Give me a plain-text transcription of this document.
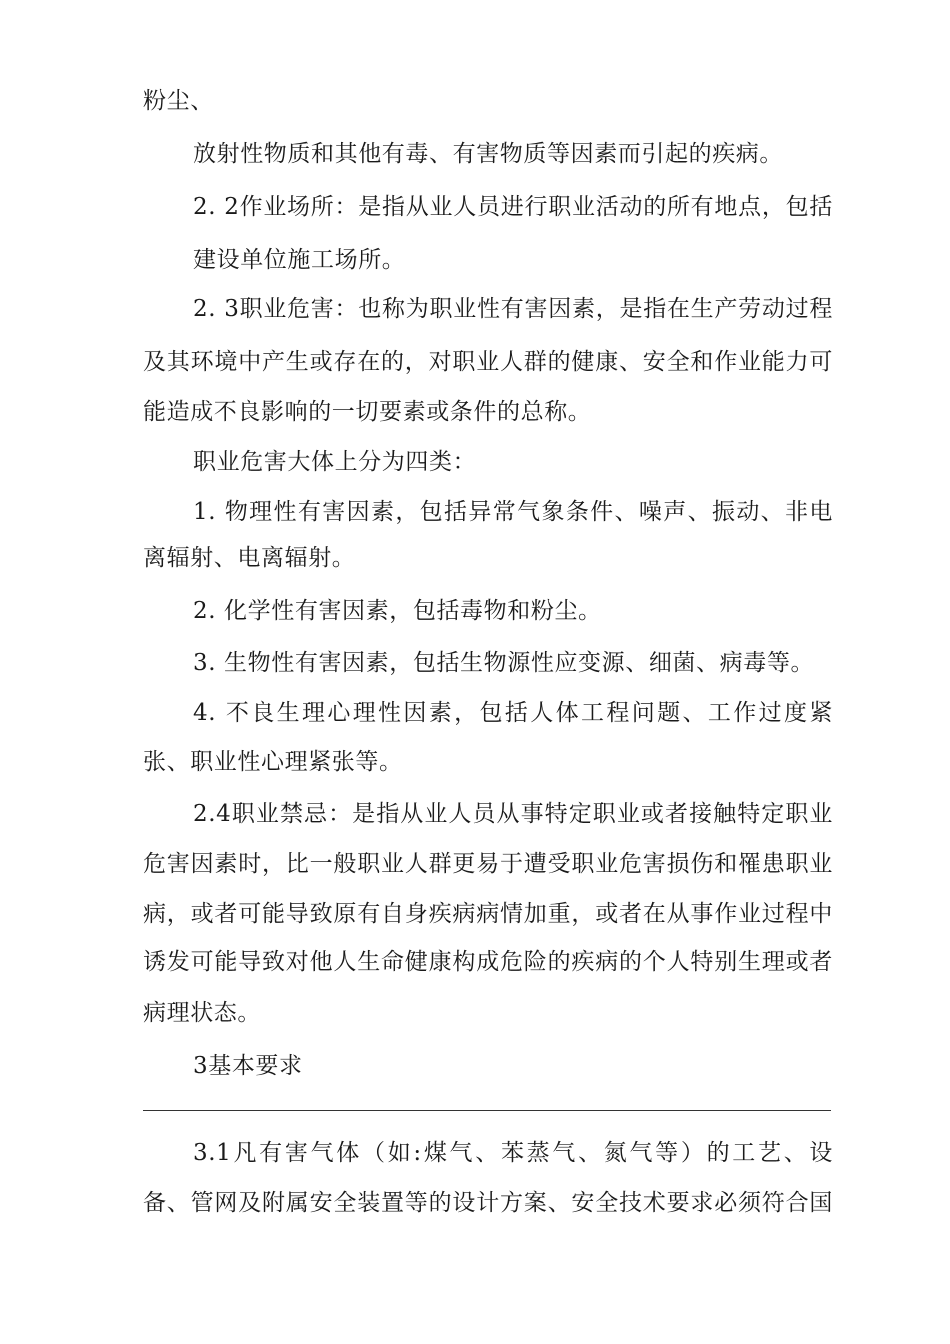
粉尘、
放射性物质和其他有毒、有害物质等因素而引起的疾病。
2. 2作业场所：是指从业人员进行职业活动的所有地点，包括
建设单位施工场所。
2. 3职业危害：也称为职业性有害因素，是指在生产劳动过程
及其环境中产生或存在的，对职业人群的健康、安全和作业能力可
能造成不良影响的一切要素或条件的总称。
职业危害大体上分为四类：
1. 物理性有害因素，包括异常气象条件、噪声、振动、非电
离辐射、电离辐射。
2. 化学性有害因素，包括毒物和粉尘。
3. 生物性有害因素，包括生物源性应变源、细菌、病毒等。
4. 不良生理心理性因素，包括人体工程问题、工作过度紧
张、职业性心理紧张等。
2.4职业禁忌：是指从业人员从事特定职业或者接触特定职业
危害因素时，比一般职业人群更易于遭受职业危害损伤和罹患职业
病，或者可能导致原有自身疾病病情加重，或者在从事作业过程中
诱发可能导致对他人生命健康构成危险的疾病的个人特别生理或者
病理状态。
3基本要求
3.1凡有害气体（如:煤气、苯蒸气、氮气等）的工艺、设
备、管网及附属安全装置等的设计方案、安全技术要求必须符合国
